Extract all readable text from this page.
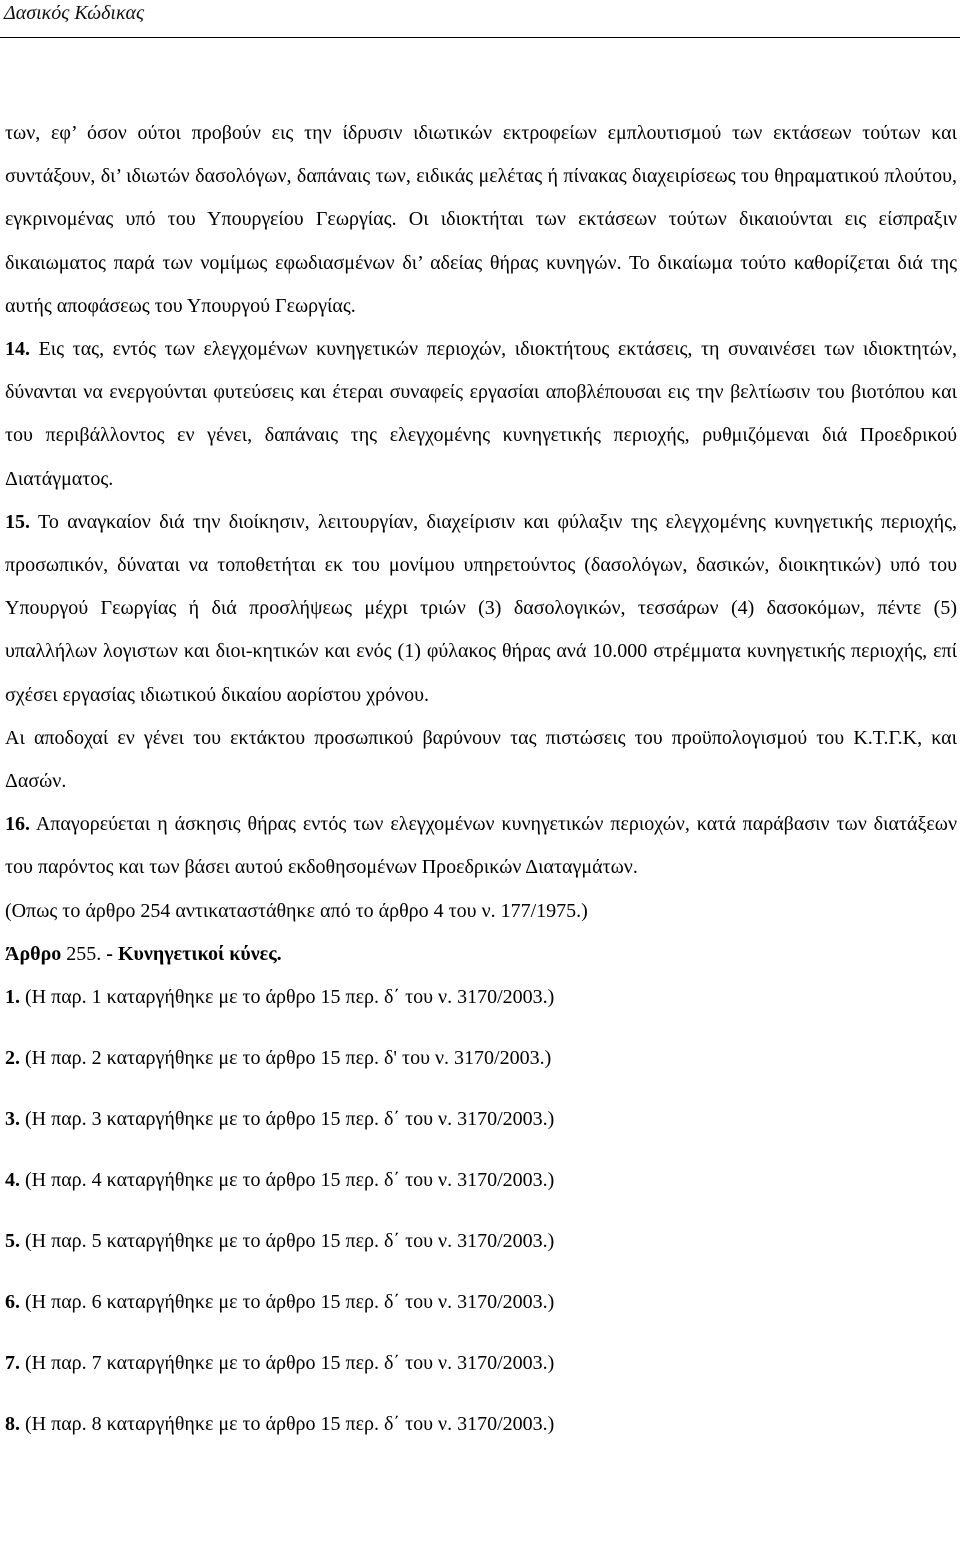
Δασικός Κώδικας

των, εφ’ όσον ούτοι προβούν εις την ίδρυσιν ιδιωτικών εκτροφείων εμπλουτισμού των εκτάσεων τούτων και συντάξουν, δι’ ιδιωτών δασολόγων, δαπάναις των, ειδικάς μελέτας ή πίνακας διαχειρίσεως του θηραματικού πλούτου, εγκρινομένας υπό του Υπουργείου Γεωργίας. Οι ιδιοκτήται των εκτάσεων τούτων δικαιούνται εις είσπραξιν δικαιωματος παρά των νομίμως εφωδιασμένων δι’ αδείας θήρας κυνηγών. Το δικαίωμα τούτο καθορίζεται διά της αυτής αποφάσεως του Υπουργού Γεωργίας.

14. Εις τας, εντός των ελεγχομένων κυνηγετικών περιοχών, ιδιοκτήτους εκτάσεις, τη συναινέσει των ιδιοκτητών, δύνανται να ενεργούνται φυτεύσεις και έτεραι συναφείς εργασίαι αποβλέπουσαι εις την βελτίωσιν του βιοτόπου και του περιβάλλοντος εν γένει, δαπάναις της ελεγχομένης κυνηγετικής περιοχής, ρυθμιζόμεναι διά Προεδρικού Διατάγματος.

15. Το αναγκαίον διά την διοίκησιν, λειτουργίαν, διαχείρισιν και φύλαξιν της ελεγχομένης κυνηγετικής περιοχής, προσωπικόν, δύναται να τοποθετήται εκ του μονίμου υπηρετούντος (δασολόγων, δασικών, διοικητικών) υπό του Υπουργού Γεωργίας ή διά προσλήψεως μέχρι τριών (3) δασολογικών, τεσσάρων (4) δασοκόμων, πέντε (5) υπαλλήλων λογιστων και διοι-κητικών και ενός (1) φύλακος θήρας ανά 10.000 στρέμματα κυνηγετικής περιοχής, επί σχέσει εργασίας ιδιωτικού δικαίου αορίστου χρόνου.

Αι αποδοχαί εν γένει του εκτάκτου προσωπικού βαρύνουν τας πιστώσεις του προϋπολογισμού του Κ.Τ.Γ.Κ, και Δασών.

16. Απαγορεύεται η άσκησις θήρας εντός των ελεγχομένων κυνηγετικών περιοχών, κατά παράβασιν των διατάξεων του παρόντος και των βάσει αυτού εκδοθησομένων Προεδρικών Διαταγμάτων.

(Οπως το άρθρο 254 αντικαταστάθηκε από το άρθρο 4 του ν. 177/1975.)

Άρθρο 255. - Κυνηγετικοί κύνες.

1. (Η παρ. 1 καταργήθηκε με το άρθρο 15 περ. δ΄ του ν. 3170/2003.)

2. (Η παρ. 2 καταργήθηκε με το άρθρο 15 περ. δ' του ν. 3170/2003.)

3. (Η παρ. 3 καταργήθηκε με το άρθρο 15 περ. δ΄ του ν. 3170/2003.)

4. (Η παρ. 4 καταργήθηκε με το άρθρο 15 περ. δ΄ του ν. 3170/2003.)

5. (Η παρ. 5 καταργήθηκε με το άρθρο 15 περ. δ΄ του ν. 3170/2003.)

6. (Η παρ. 6 καταργήθηκε με το άρθρο 15 περ. δ΄ του ν. 3170/2003.)

7. (Η παρ. 7 καταργήθηκε με το άρθρο 15 περ. δ΄ του ν. 3170/2003.)

8. (Η παρ. 8 καταργήθηκε με το άρθρο 15 περ. δ΄ του ν. 3170/2003.)
